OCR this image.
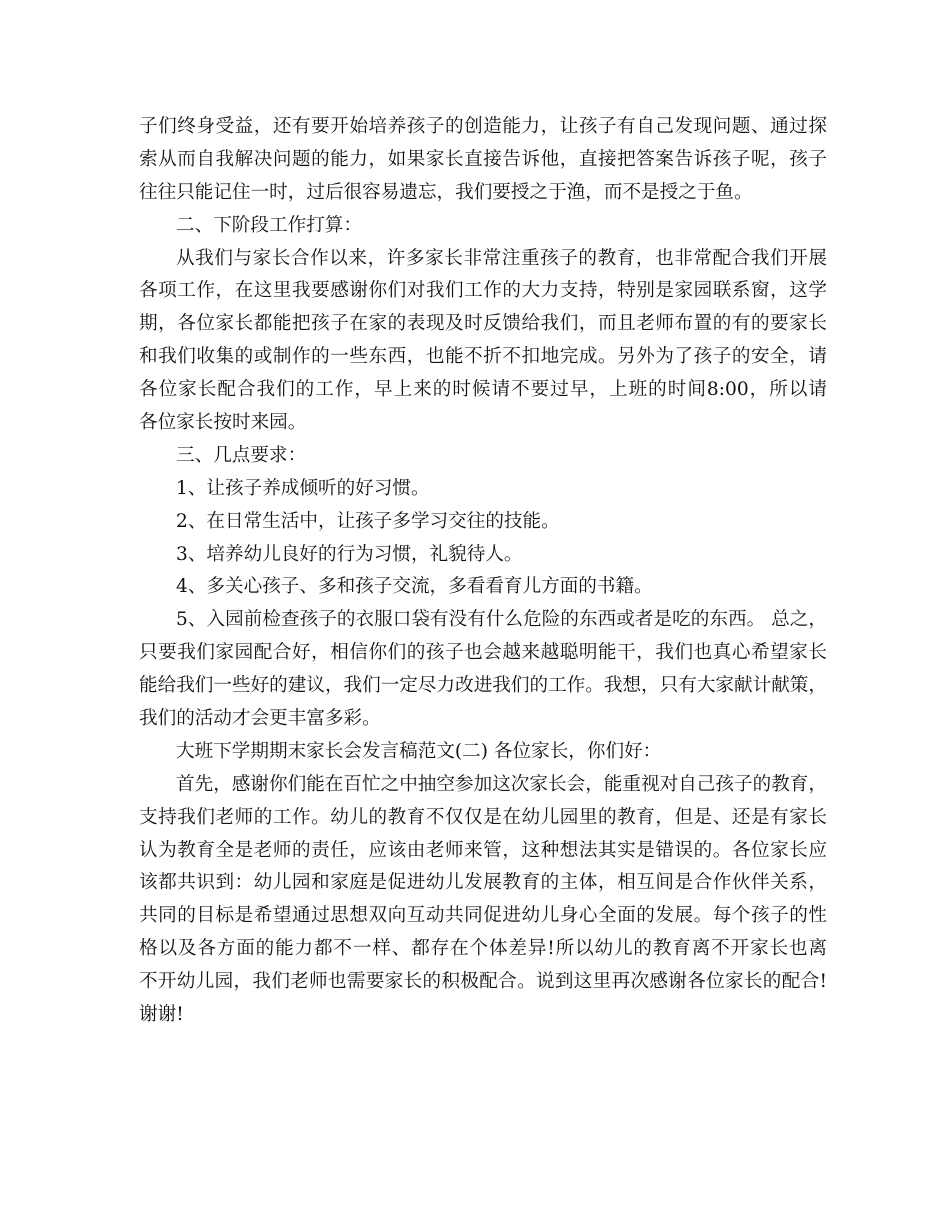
子们终身受益，还有要开始培养孩子的创造能力，让孩子有自己发现问题、通过探
索从而自我解决问题的能力，如果家长直接告诉他，直接把答案告诉孩子呢，孩子
往往只能记住一时，过后很容易遗忘，我们要授之于渔，而不是授之于鱼。
二、下阶段工作打算：
从我们与家长合作以来，许多家长非常注重孩子的教育，也非常配合我们开展
各项工作，在这里我要感谢你们对我们工作的大力支持，特别是家园联系窗，这学
期，各位家长都能把孩子在家的表现及时反馈给我们，而且老师布置的有的要家长
和我们收集的或制作的一些东西，也能不折不扣地完成。另外为了孩子的安全，请
各位家长配合我们的工作，早上来的时候请不要过早，上班的时间8:00，所以请
各位家长按时来园。
三、几点要求：
1、让孩子养成倾听的好习惯。
2、在日常生活中，让孩子多学习交往的技能。
3、培养幼儿良好的行为习惯，礼貌待人。
4、多关心孩子、多和孩子交流，多看看育儿方面的书籍。
5、入园前检查孩子的衣服口袋有没有什么危险的东西或者是吃的东西。 总之，
只要我们家园配合好，相信你们的孩子也会越来越聪明能干，我们也真心希望家长
能给我们一些好的建议，我们一定尽力改进我们的工作。我想，只有大家献计献策，
我们的活动才会更丰富多彩。
大班下学期期末家长会发言稿范文(二) 各位家长，你们好：
首先，感谢你们能在百忙之中抽空参加这次家长会，能重视对自己孩子的教育，
支持我们老师的工作。幼儿的教育不仅仅是在幼儿园里的教育，但是、还是有家长
认为教育全是老师的责任，应该由老师来管，这种想法其实是错误的。各位家长应
该都共识到：幼儿园和家庭是促进幼儿发展教育的主体，相互间是合作伙伴关系，
共同的目标是希望通过思想双向互动共同促进幼儿身心全面的发展。每个孩子的性
格以及各方面的能力都不一样、都存在个体差异!所以幼儿的教育离不开家长也离
不开幼儿园，我们老师也需要家长的积极配合。说到这里再次感谢各位家长的配合!
谢谢!
